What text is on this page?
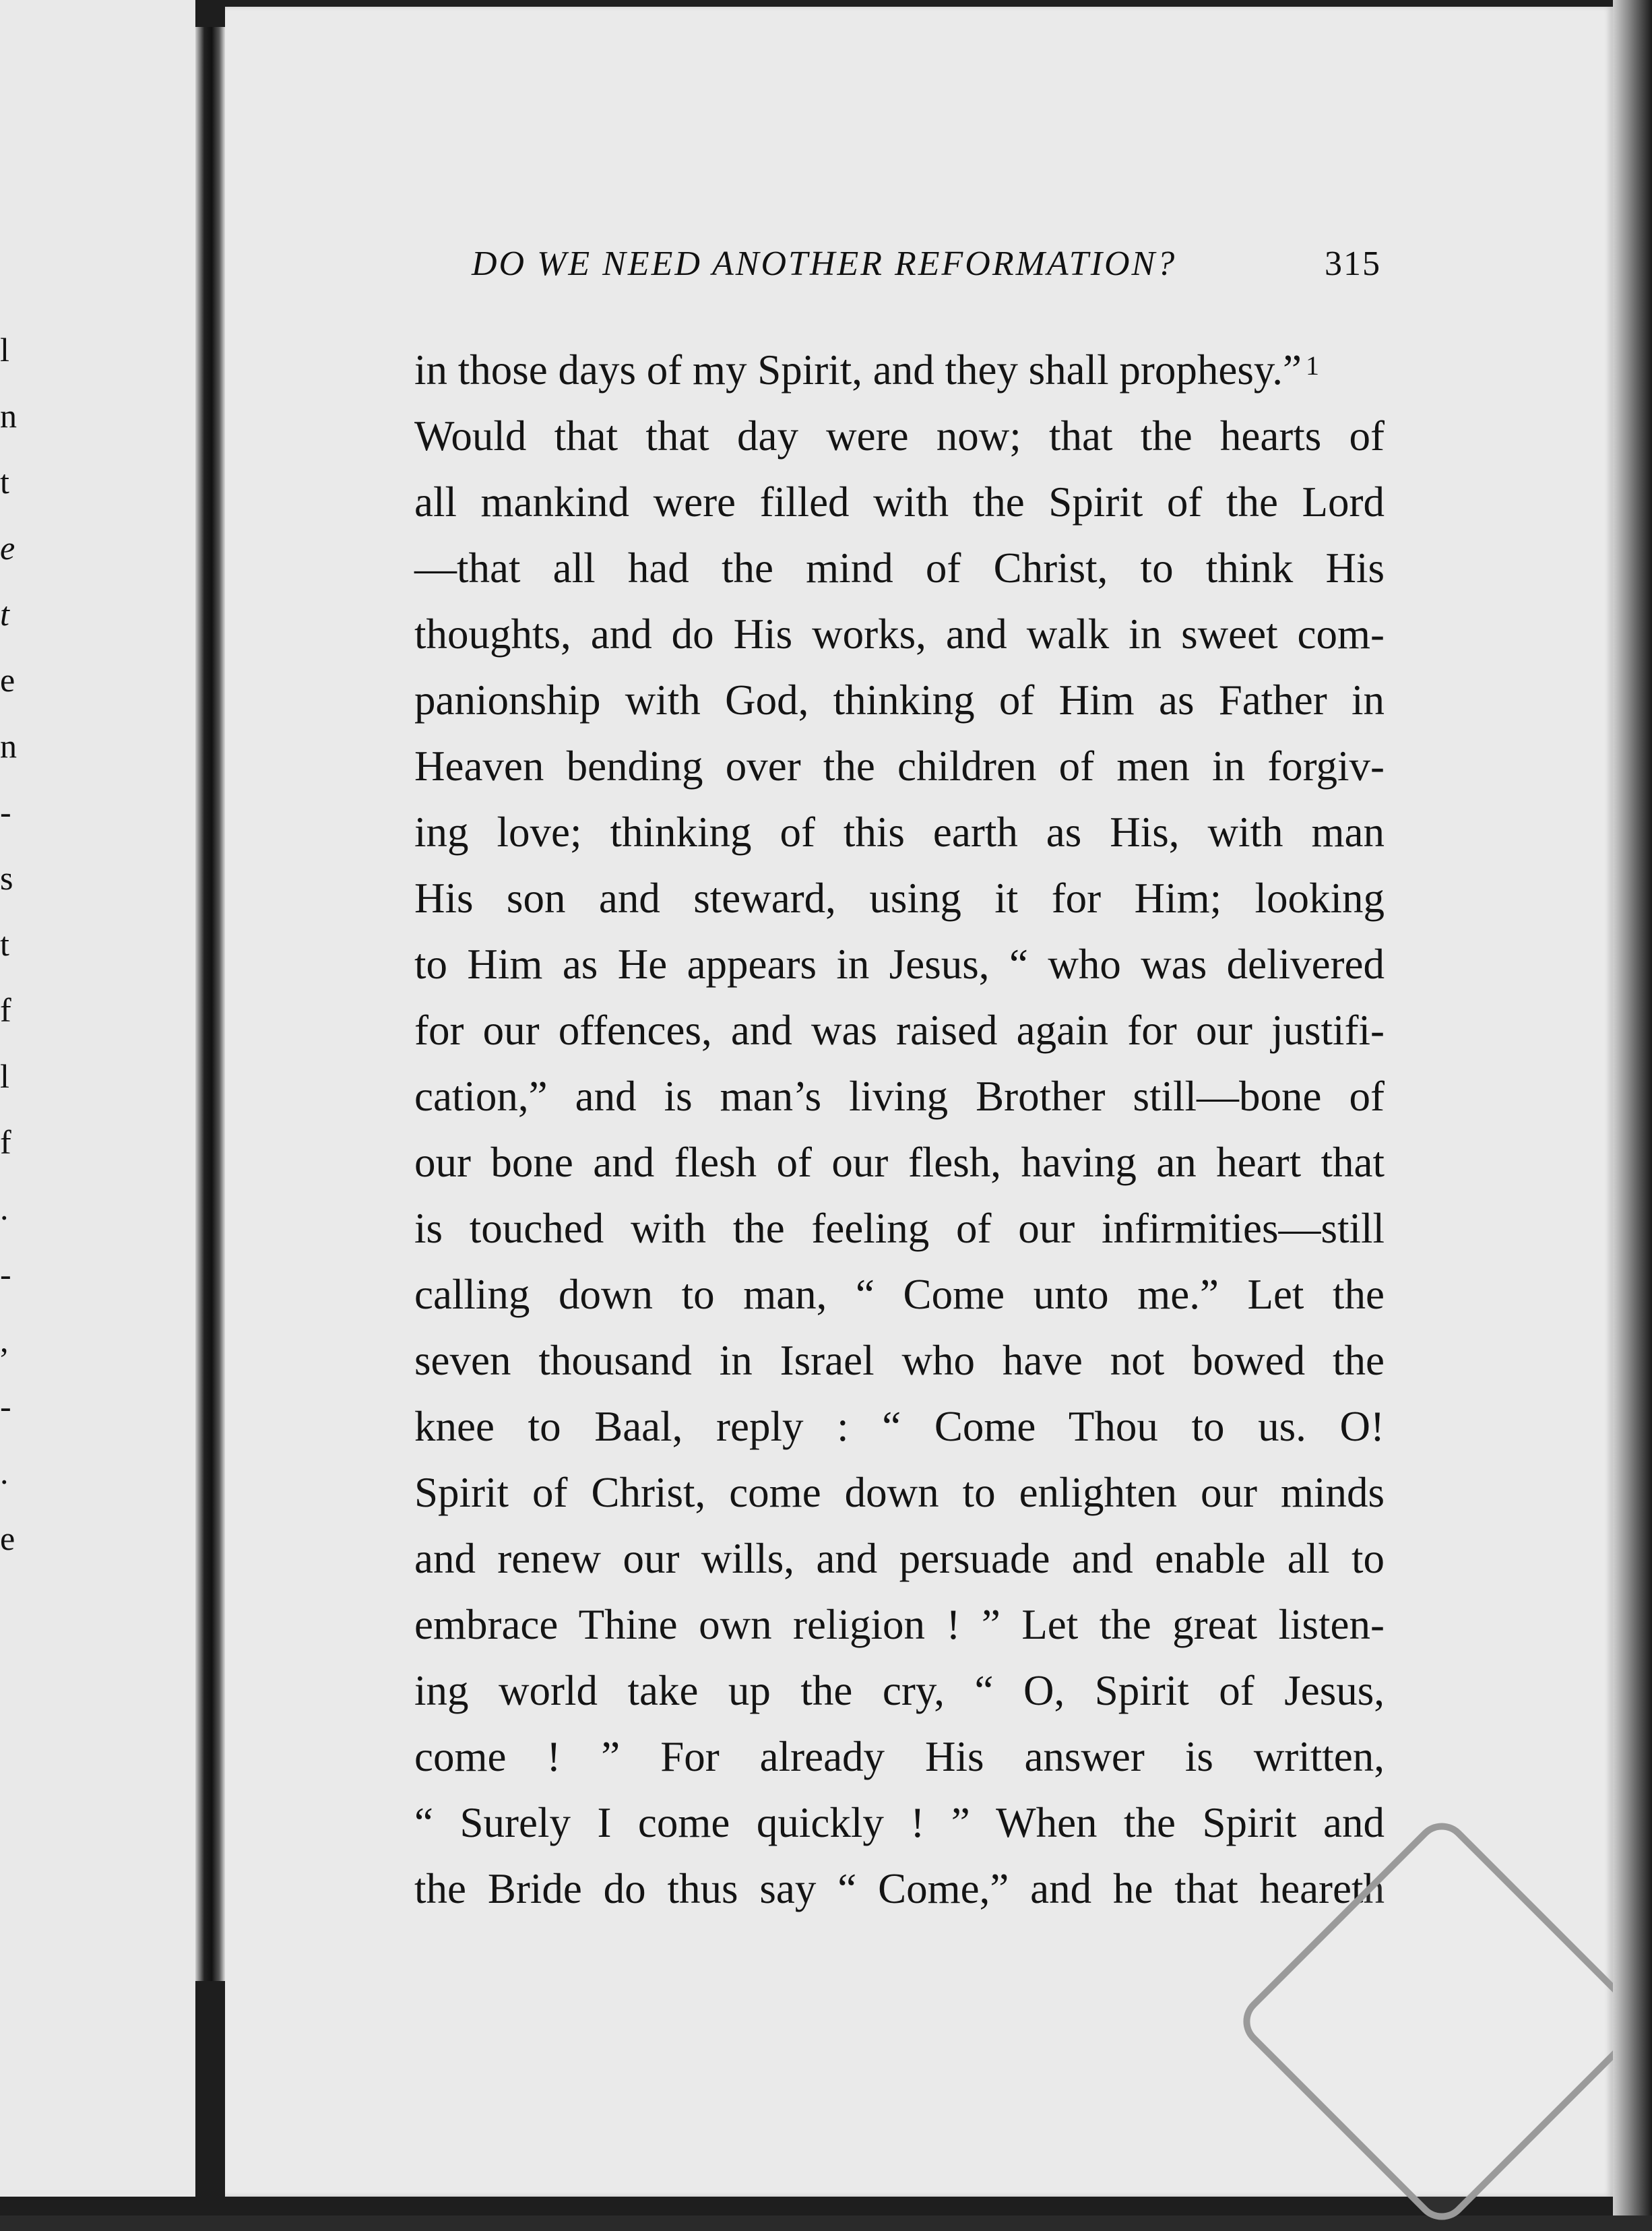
l
n
t
e
t
e
n
-
s
t
f
l
f
.
-
,
-
.
e
DO WE NEED ANOTHER REFORMATION?	315
in those days of my Spirit, and they shall prophesy.” $^1$
Would that that day were now; that the hearts of
all mankind were filled with the Spirit of the Lord
—that all had the mind of Christ, to think His
thoughts, and do His works, and walk in sweet com-
panionship with God, thinking of Him as Father in
Heaven bending over the children of men in forgiv-
ing love; thinking of this earth as His, with man
His son and steward, using it for Him; looking
to Him as He appears in Jesus, “ who was delivered
for our offences, and was raised again for our justifi-
cation,” and is man’s living Brother still—bone of
our bone and flesh of our flesh, having an heart that
is touched with the feeling of our infirmities—still
calling down to man, “ Come unto me.” Let the
seven thousand in Israel who have not bowed the
knee to Baal, reply : “ Come Thou to us. O!
Spirit of Christ, come down to enlighten our minds
and renew our wills, and persuade and enable all to
embrace Thine own religion ! ” Let the great listen-
ing world take up the cry, “ O, Spirit of Jesus,
come ! ” For already His answer is written,
“ Surely I come quickly ! ” When the Spirit and
the Bride do thus say “ Come,” and he that heareth
